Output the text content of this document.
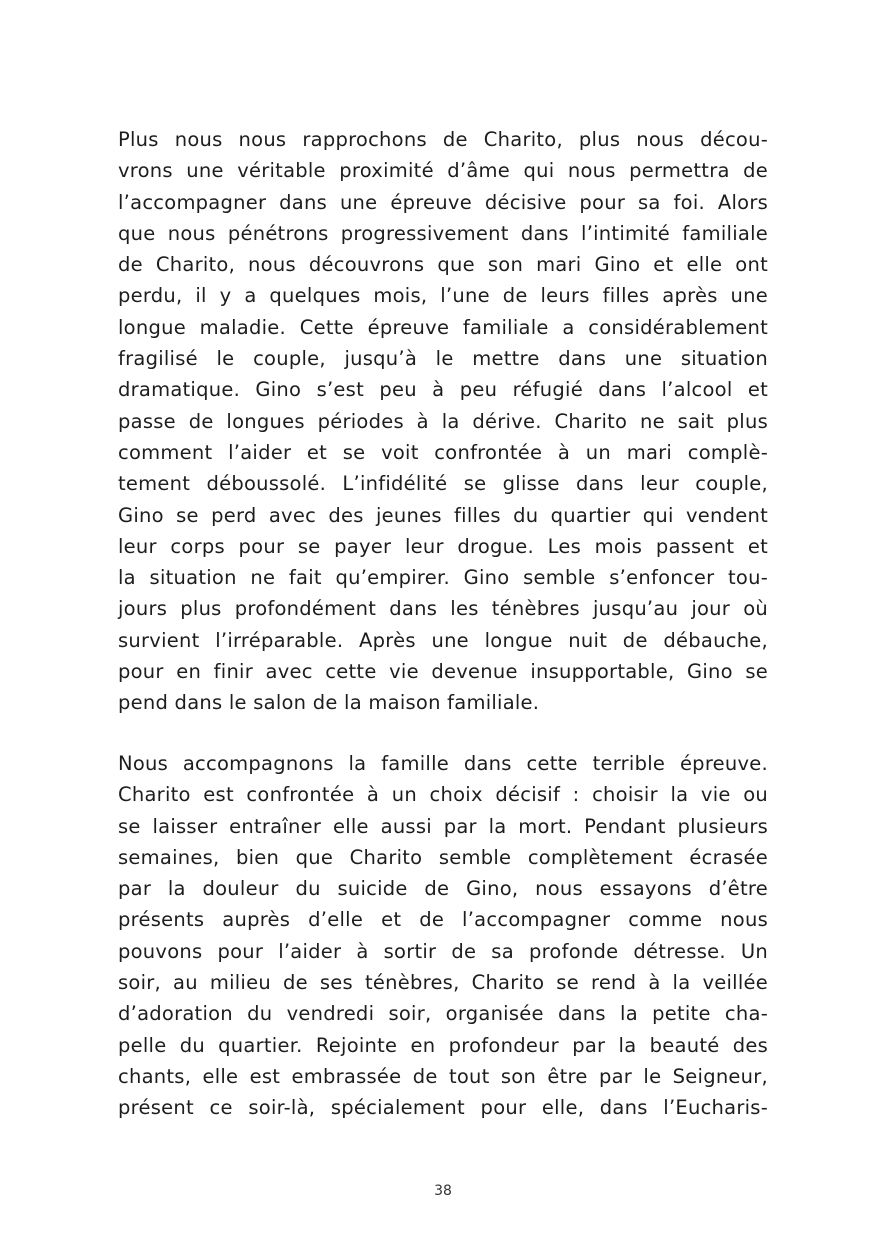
Plus nous nous rapprochons de Charito, plus nous décou-
vrons une véritable proximité d’âme qui nous permettra de
l’accompagner dans une épreuve décisive pour sa foi. Alors
que nous pénétrons progressivement dans l’intimité familiale
de Charito, nous découvrons que son mari Gino et elle ont
perdu, il y a quelques mois, l’une de leurs filles après une
longue maladie. Cette épreuve familiale a considérablement
fragilisé le couple, jusqu’à le mettre dans une situation
dramatique. Gino s’est peu à peu réfugié dans l’alcool et
passe de longues périodes à la dérive. Charito ne sait plus
comment l’aider et se voit confrontée à un mari complè-
tement déboussolé. L’infidélité se glisse dans leur couple,
Gino se perd avec des jeunes filles du quartier qui vendent
leur corps pour se payer leur drogue. Les mois passent et
la situation ne fait qu’empirer. Gino semble s’enfoncer tou-
jours plus profondément dans les ténèbres jusqu’au jour où
survient l’irréparable. Après une longue nuit de débauche,
pour en finir avec cette vie devenue insupportable, Gino se
pend dans le salon de la maison familiale.
Nous accompagnons la famille dans cette terrible épreuve.
Charito est confrontée à un choix décisif : choisir la vie ou
se laisser entraîner elle aussi par la mort. Pendant plusieurs
semaines, bien que Charito semble complètement écrasée
par la douleur du suicide de Gino, nous essayons d’être
présents auprès d’elle et de l’accompagner comme nous
pouvons pour l’aider à sortir de sa profonde détresse. Un
soir, au milieu de ses ténèbres, Charito se rend à la veillée
d’adoration du vendredi soir, organisée dans la petite cha-
pelle du quartier. Rejointe en profondeur par la beauté des
chants, elle est embrassée de tout son être par le Seigneur,
présent ce soir-là, spécialement pour elle, dans l’Eucharis-
38
